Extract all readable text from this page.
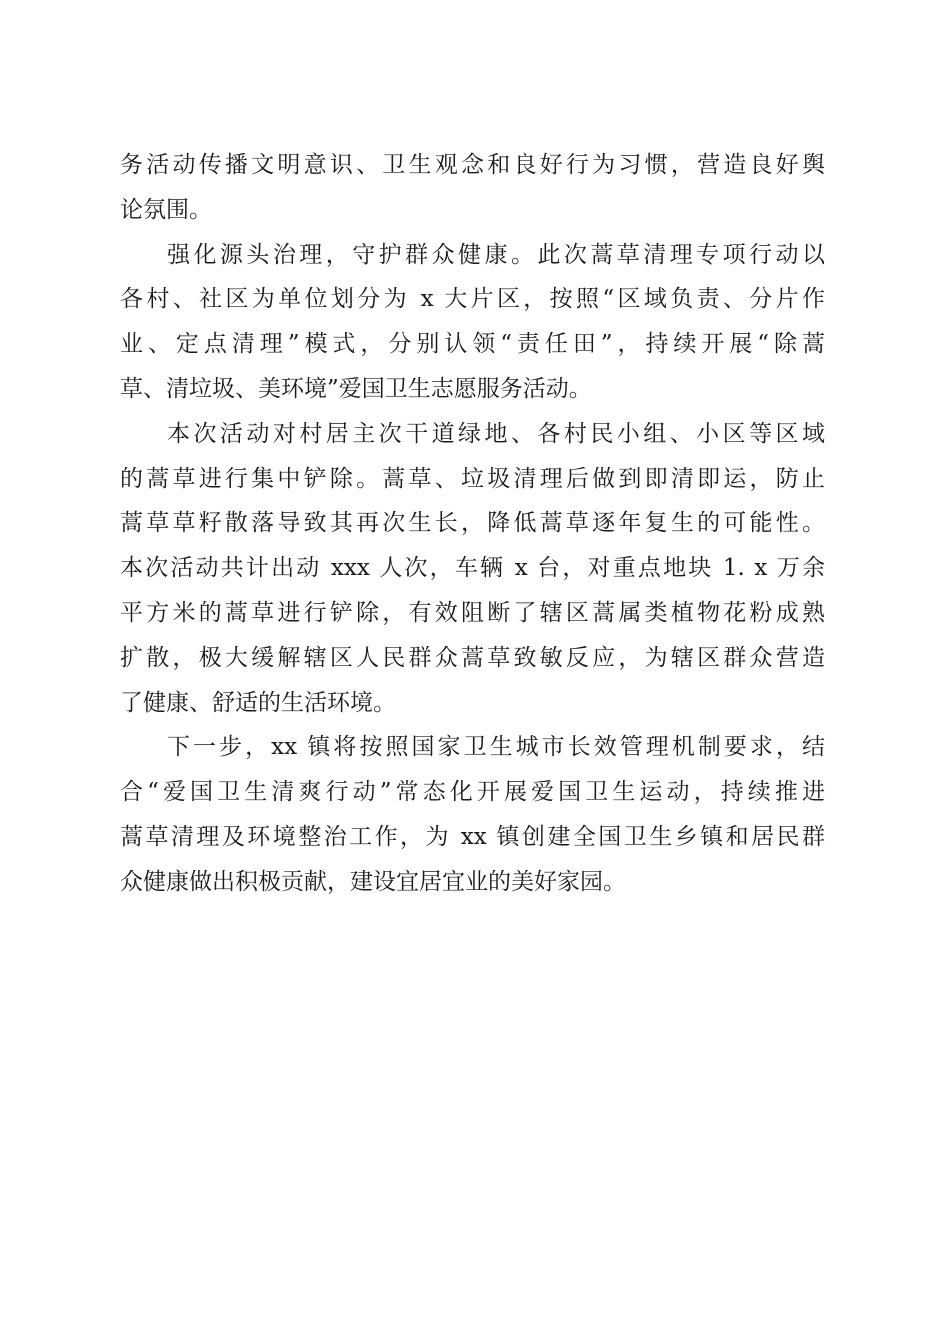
务活动传播文明意识、卫生观念和良好行为习惯，营造良好舆
论氛围。
强化源头治理，守护群众健康。此次蒿草清理专项行动以
各村、社区为单位划分为 x 大片区，按照“区域负责、分片作
业、定点清理”模式，分别认领“责任田”，持续开展“除蒿
草、清垃圾、美环境”爱国卫生志愿服务活动。
本次活动对村居主次干道绿地、各村民小组、小区等区域
的蒿草进行集中铲除。蒿草、垃圾清理后做到即清即运，防止
蒿草草籽散落导致其再次生长，降低蒿草逐年复生的可能性。
本次活动共计出动 xxx 人次，车辆 x 台，对重点地块 1. x 万余
平方米的蒿草进行铲除，有效阻断了辖区蒿属类植物花粉成熟
扩散，极大缓解辖区人民群众蒿草致敏反应，为辖区群众营造
了健康、舒适的生活环境。
下一步，xx 镇将按照国家卫生城市长效管理机制要求，结
合“爱国卫生清爽行动”常态化开展爱国卫生运动，持续推进
蒿草清理及环境整治工作，为 xx 镇创建全国卫生乡镇和居民群
众健康做出积极贡献，建设宜居宜业的美好家园。
